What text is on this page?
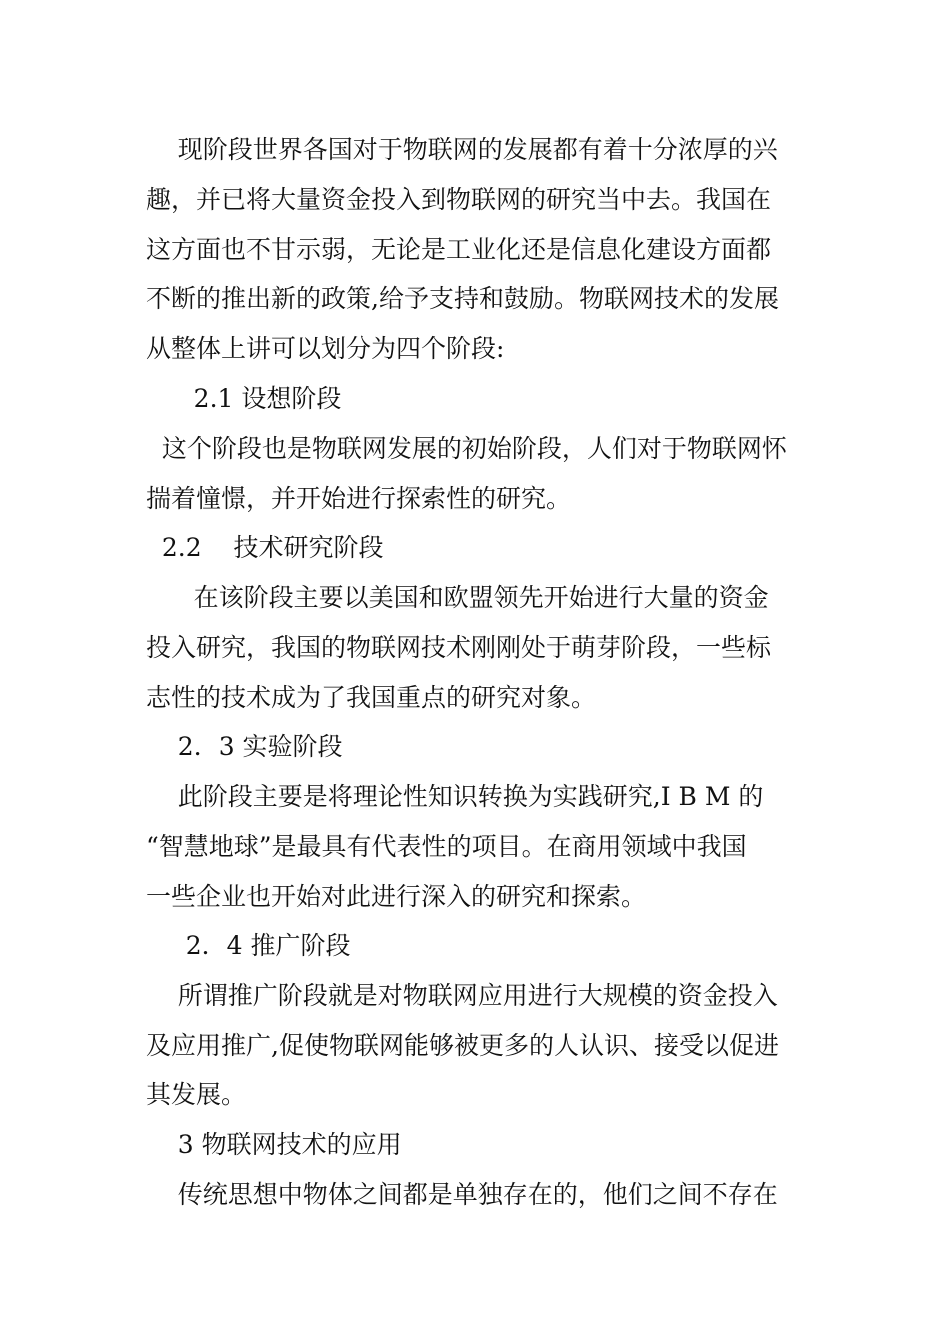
现阶段世界各国对于物联网的发展都有着十分浓厚的兴
趣，并已将大量资金投入到物联网的研究当中去。我国在
这方面也不甘示弱，无论是工业化还是信息化建设方面都
不断的推出新的政策,给予支持和鼓励。物联网技术的发展
从整体上讲可以划分为四个阶段:
2.1 设想阶段
这个阶段也是物联网发展的初始阶段，人们对于物联网怀
揣着憧憬，并开始进行探索性的研究。
2.2    技术研究阶段
在该阶段主要以美国和欧盟领先开始进行大量的资金
投入研究，我国的物联网技术刚刚处于萌芽阶段，一些标
志性的技术成为了我国重点的研究对象。
2．3 实验阶段
此阶段主要是将理论性知识转换为实践研究,I B M 的
“智慧地球”是最具有代表性的项目。在商用领域中我国
一些企业也开始对此进行深入的研究和探索。
2．4 推广阶段
所谓推广阶段就是对物联网应用进行大规模的资金投入
及应用推广,促使物联网能够被更多的人认识、接受以促进
其发展。
3 物联网技术的应用
传统思想中物体之间都是单独存在的，他们之间不存在
